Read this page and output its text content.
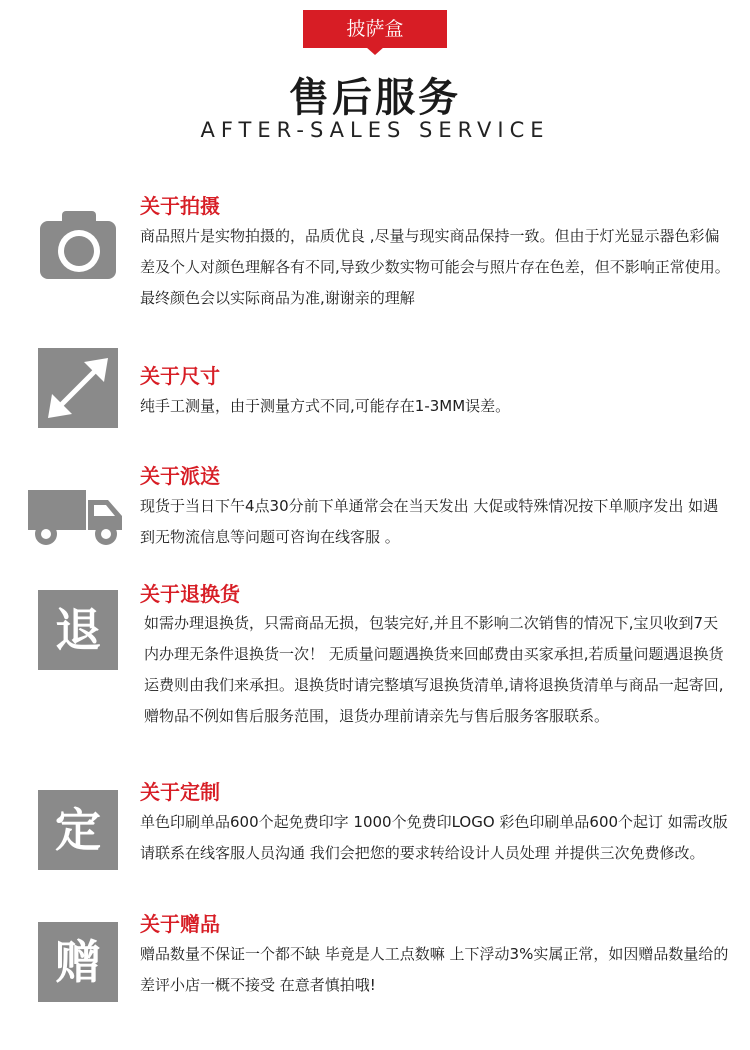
披萨盒
售后服务
AFTER-SALES SERVICE
关于拍摄
商品照片是实物拍摄的，品质优良 ,尽量与现实商品保持一致。但由于灯光显示器色彩偏差及个人对颜色理解各有不同,导致少数实物可能会与照片存在色差，但不影响正常使用。最终颜色会以实际商品为准,谢谢亲的理解
关于尺寸
纯手工测量，由于测量方式不同,可能存在1-3MM误差。
关于派送
现货于当日下午4点30分前下单通常会在当天发出 大促或特殊情况按下单顺序发出 如遇到无物流信息等问题可咨询在线客服 。
退
关于退换货
如需办理退换货，只需商品无损，包装完好,并且不影响二次销售的情况下,宝贝收到7天内办理无条件退换货一次！ 无质量问题遇换货来回邮费由买家承担,若质量问题遇退换货运费则由我们来承担。退换货时请完整填写退换货清单,请将退换货清单与商品一起寄回,赠物品不例如售后服务范围，退货办理前请亲先与售后服务客服联系。
定
关于定制
单色印刷单品600个起免费印字 1000个免费印LOGO 彩色印刷单品600个起订 如需改版请联系在线客服人员沟通 我们会把您的要求转给设计人员处理 并提供三次免费修改。
赠
关于赠品
赠品数量不保证一个都不缺 毕竟是人工点数嘛 上下浮动3%实属正常，如因赠品数量给的差评小店一概不接受 在意者慎拍哦!
